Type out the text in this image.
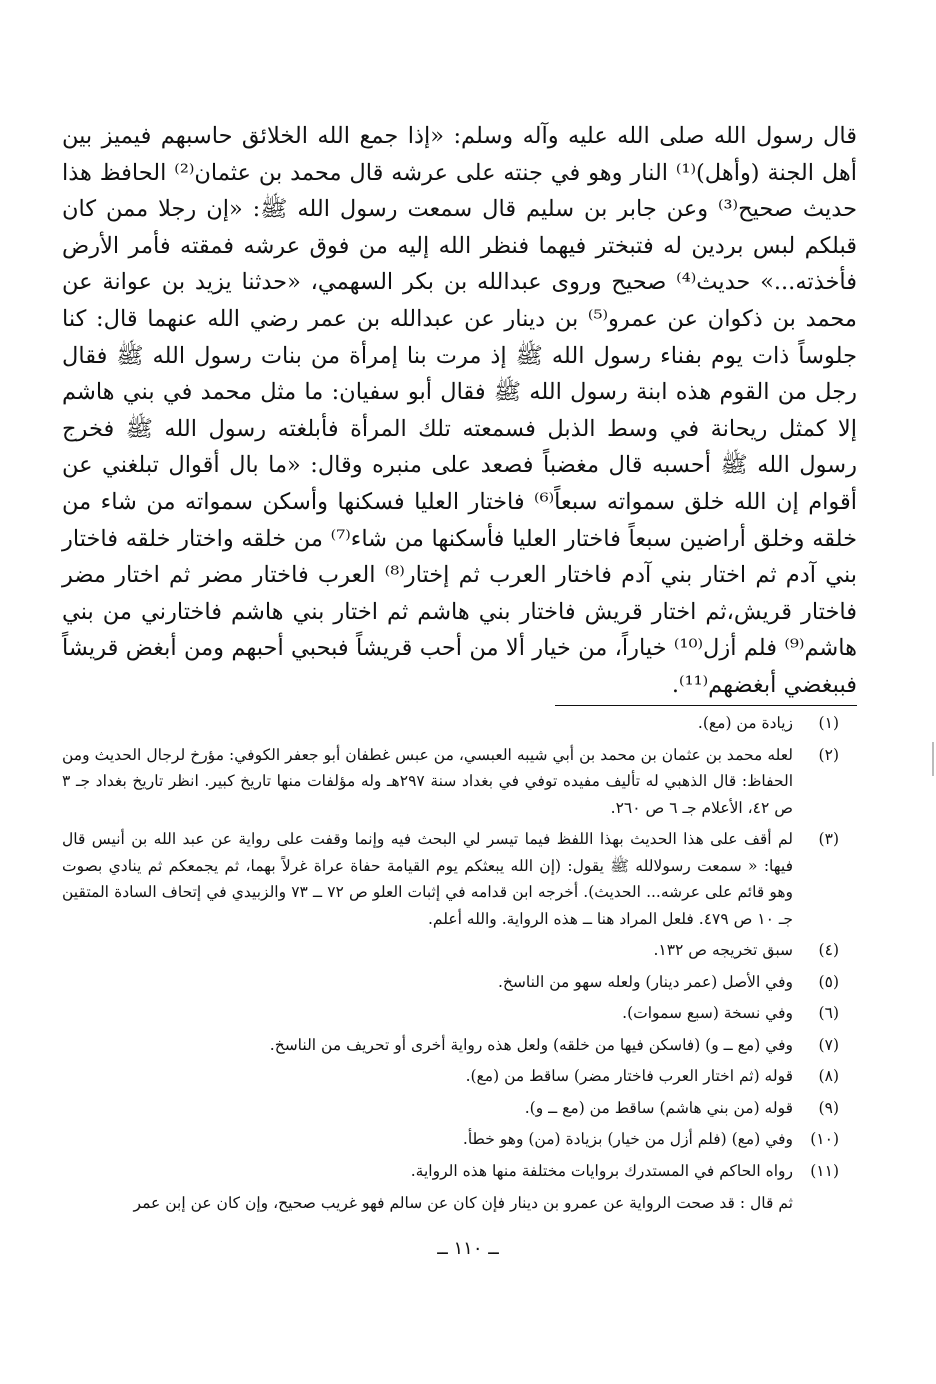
قال رسول الله صلى الله عليه وآله وسلم: «إذا جمع الله الخلائق حاسبهم فيميز بين أهل الجنة (وأهل)⁽¹⁾ النار وهو في جنته على عرشه قال محمد بن عثمان⁽²⁾ الحافظ هذا حديث صحيح⁽³⁾ وعن جابر بن سليم قال سمعت رسول الله ﷺ: «إن رجلا ممن كان قبلكم لبس بردين له فتبختر فيهما فنظر الله إليه من فوق عرشه فمقته فأمر الأرض فأخذته...» حديث⁽⁴⁾ صحيح وروى عبدالله بن بكر السهمي، «حدثنا يزيد بن عوانة عن محمد بن ذكوان عن عمرو⁽⁵⁾ بن دينار عن عبدالله بن عمر رضي الله عنهما قال: كنا جلوساً ذات يوم بفناء رسول الله ﷺ إذ مرت بنا إمرأة من بنات رسول الله ﷺ فقال رجل من القوم هذه ابنة رسول الله ﷺ فقال أبو سفيان: ما مثل محمد في بني هاشم إلا كمثل ريحانة في وسط الذبل فسمعته تلك المرأة فأبلغته رسول الله ﷺ فخرج رسول الله ﷺ أحسبه قال مغضباً فصعد على منبره وقال: «ما بال أقوال تبلغني عن أقوام إن الله خلق سمواته سبعاً⁽⁶⁾ فاختار العليا فسكنها وأسكن سمواته من شاء من خلقه وخلق أراضين سبعاً فاختار العليا فأسكنها من شاء⁽⁷⁾ من خلقه واختار خلقه فاختار بني آدم ثم اختار بني آدم فاختار العرب ثم إختار⁽⁸⁾ العرب فاختار مضر ثم اختار مضر فاختار قريش،ثم اختار قريش فاختار بني هاشم ثم اختار بني هاشم فاختارني من بني هاشم⁽⁹⁾ فلم أزل⁽¹⁰⁾ خياراً، من خيار ألا من أحب قريشاً فبحبي أحبهم ومن أبغض قريشاً فببغضي أبغضهم⁽¹¹⁾.

(١)
زيادة من (مع).
(٢)
لعله محمد بن عثمان بن محمد بن أبي شيبه العبسي، من عبس غطفان أبو جعفر الكوفي: مؤرخ لرجال الحديث ومن الحفاظ: قال الذهبي له تأليف مفيده توفي في بغداد سنة ٢٩٧هـ وله مؤلفات منها تاريخ كبير. انظر تاريخ بغداد جـ ٣ ص ٤٢، الأعلام جـ ٦ ص ٢٦٠.
(٣)
لم أقف على هذا الحديث بهذا اللفظ فيما تيسر لي البحث فيه وإنما وقفت على رواية عن عبد الله بن أنيس قال فيها: « سمعت رسولالله ﷺ يقول: (إن الله يبعثكم يوم القيامة حفاة عراة غرلاً بهما، ثم يجمعكم ثم ينادي بصوت وهو قائم على عرشه... الحديث). أخرجه ابن قدامه في إثبات العلو ص ٧٢ ــ ٧٣ والزبيدي في إتحاف السادة المتقين جـ ١٠ ص ٤٧٩. فلعل المراد هنا ــ هذه الرواية. والله أعلم.
(٤)
سبق تخريجه ص ١٣٢.
(٥)
وفي الأصل (عمر دينار) ولعله سهو من الناسخ.
(٦)
وفي نسخة (سبع سموات).
(٧)
وفي (مع ــ و) (فاسكن فيها من خلقه) ولعل هذه رواية أخرى أو تحريف من الناسخ.
(٨)
قوله (ثم اختار العرب فاختار مضر) ساقط من (مع).
(٩)
قوله (من بني هاشم) ساقط من (مع ــ و).
(١٠)
وفي (مع) (فلم أزل من خيار) بزيادة (من) وهو خطأ.
(١١)
رواه الحاكم في المستدرك بروايات مختلفة منها هذه الرواية.
ثم قال : قد صحت الرواية عن عمرو بن دينار فإن كان عن سالم فهو غريب صحيح، وإن كان عن إبن عمر
ــ ١١٠ ــ
